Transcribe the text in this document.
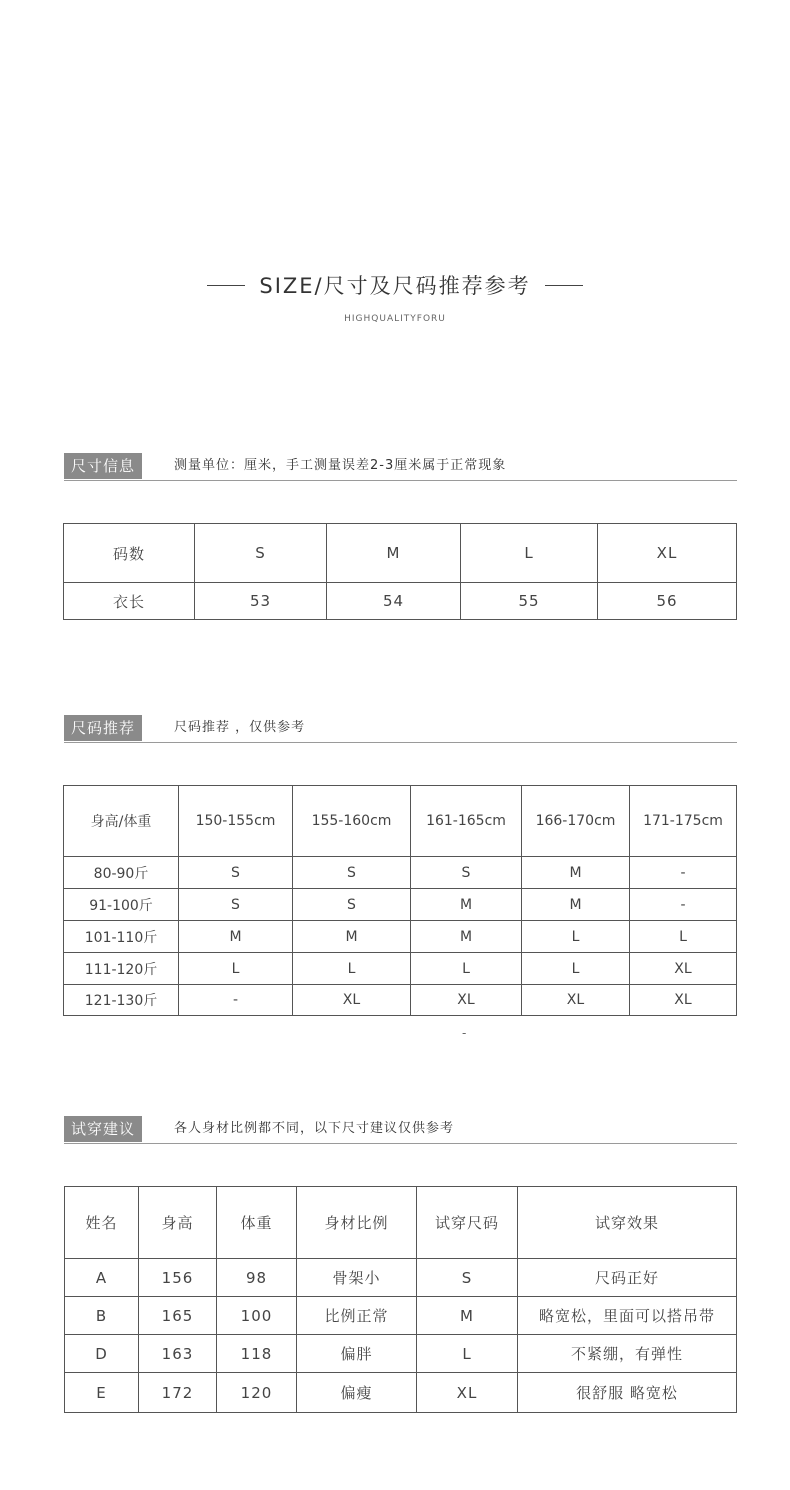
SIZE/尺寸及尺码推荐参考
HIGHQUALITYFORU
尺寸信息	测量单位：厘米，手工测量误差2-3厘米属于正常现象
码数	S	M	L	XL
衣长	53	54	55	56
尺码推荐	尺码推荐 ，仅供参考
身高/体重	150-155cm	155-160cm	161-165cm	166-170cm	171-175cm
80-90斤	S	S	S	M	-
91-100斤	S	S	M	M	-
101-110斤	M	M	M	L	L
111-120斤	L	L	L	L	XL
121-130斤	-	XL	XL	XL	XL
-
试穿建议	各人身材比例都不同，以下尺寸建议仅供参考
姓名	身高	体重	身材比例	试穿尺码	试穿效果
A	156	98	骨架小	S	尺码正好
B	165	100	比例正常	M	略宽松，里面可以搭吊带
D	163	118	偏胖	L	不紧绷，有弹性
E	172	120	偏瘦	XL	很舒服 略宽松
